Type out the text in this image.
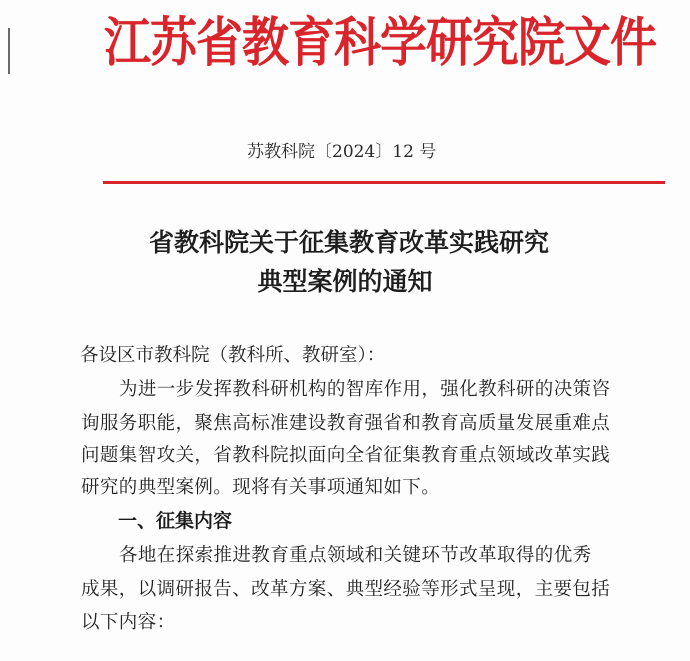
江苏省教育科学研究院文件
苏教科院〔2024〕12 号
省教科院关于征集教育改革实践研究
典型案例的通知
各设区市教科院（教科所、教研室）：
为进一步发挥教科研机构的智库作用，强化教科研的决策咨
询服务职能，聚焦高标准建设教育强省和教育高质量发展重难点
问题集智攻关，省教科院拟面向全省征集教育重点领域改革实践
研究的典型案例。现将有关事项通知如下。
一、征集内容
各地在探索推进教育重点领域和关键环节改革取得的优秀
成果，以调研报告、改革方案、典型经验等形式呈现，主要包括
以下内容：
